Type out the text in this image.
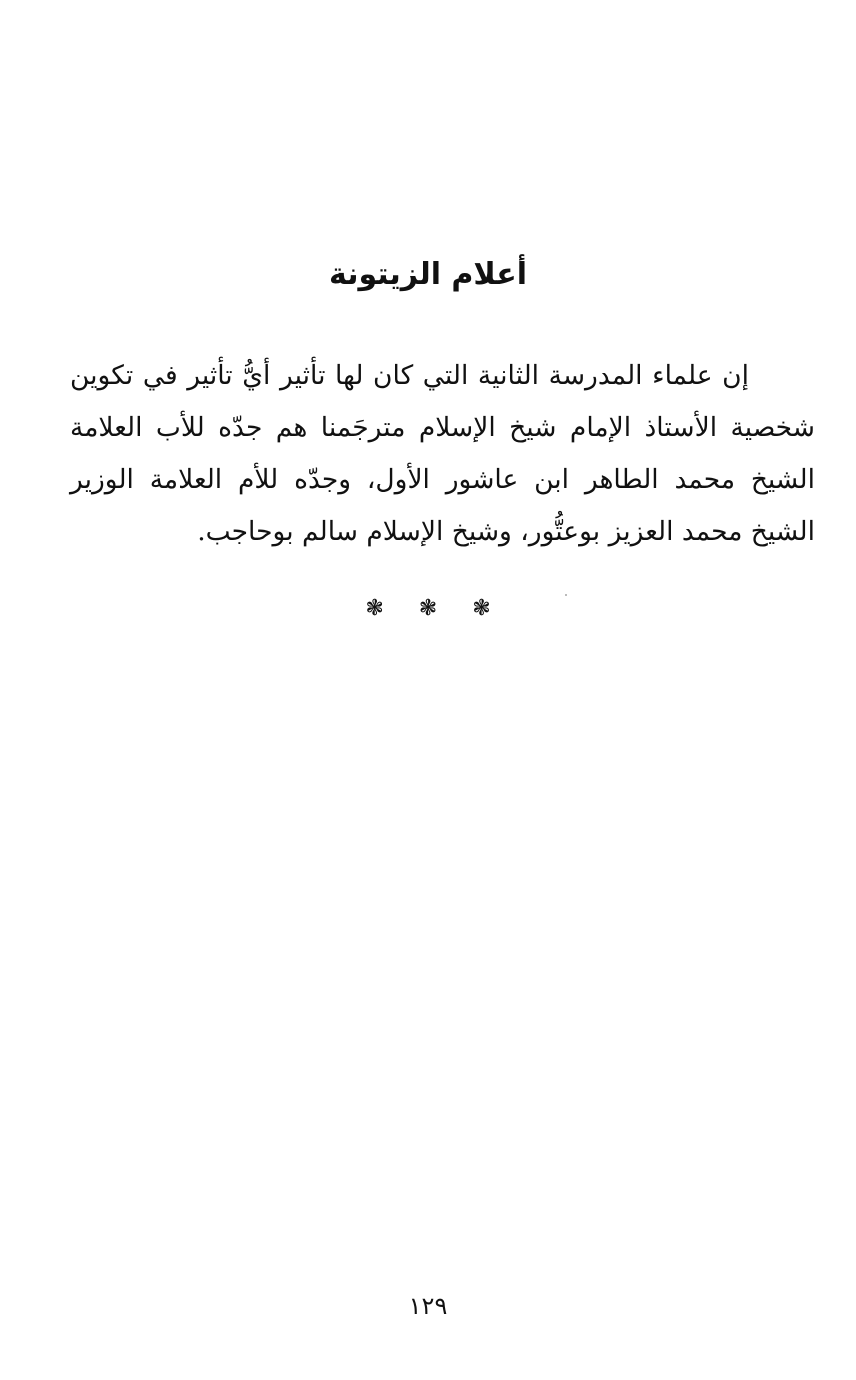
أعلام الزيتونة

إن علماء المدرسة الثانية التي كان لها تأثير أيُّ تأثير في تكوين
شخصية الأستاذ الإمام شيخ الإسلام مترجَمنا هم جدّه للأب العلامة
الشيخ محمد الطاهر ابن عاشور الأول، وجدّه للأم العلامة الوزير
الشيخ محمد العزيز بوعتُّور، وشيخ الإسلام سالم بوحاجب.

❃ ❃ ❃
١٢٩
